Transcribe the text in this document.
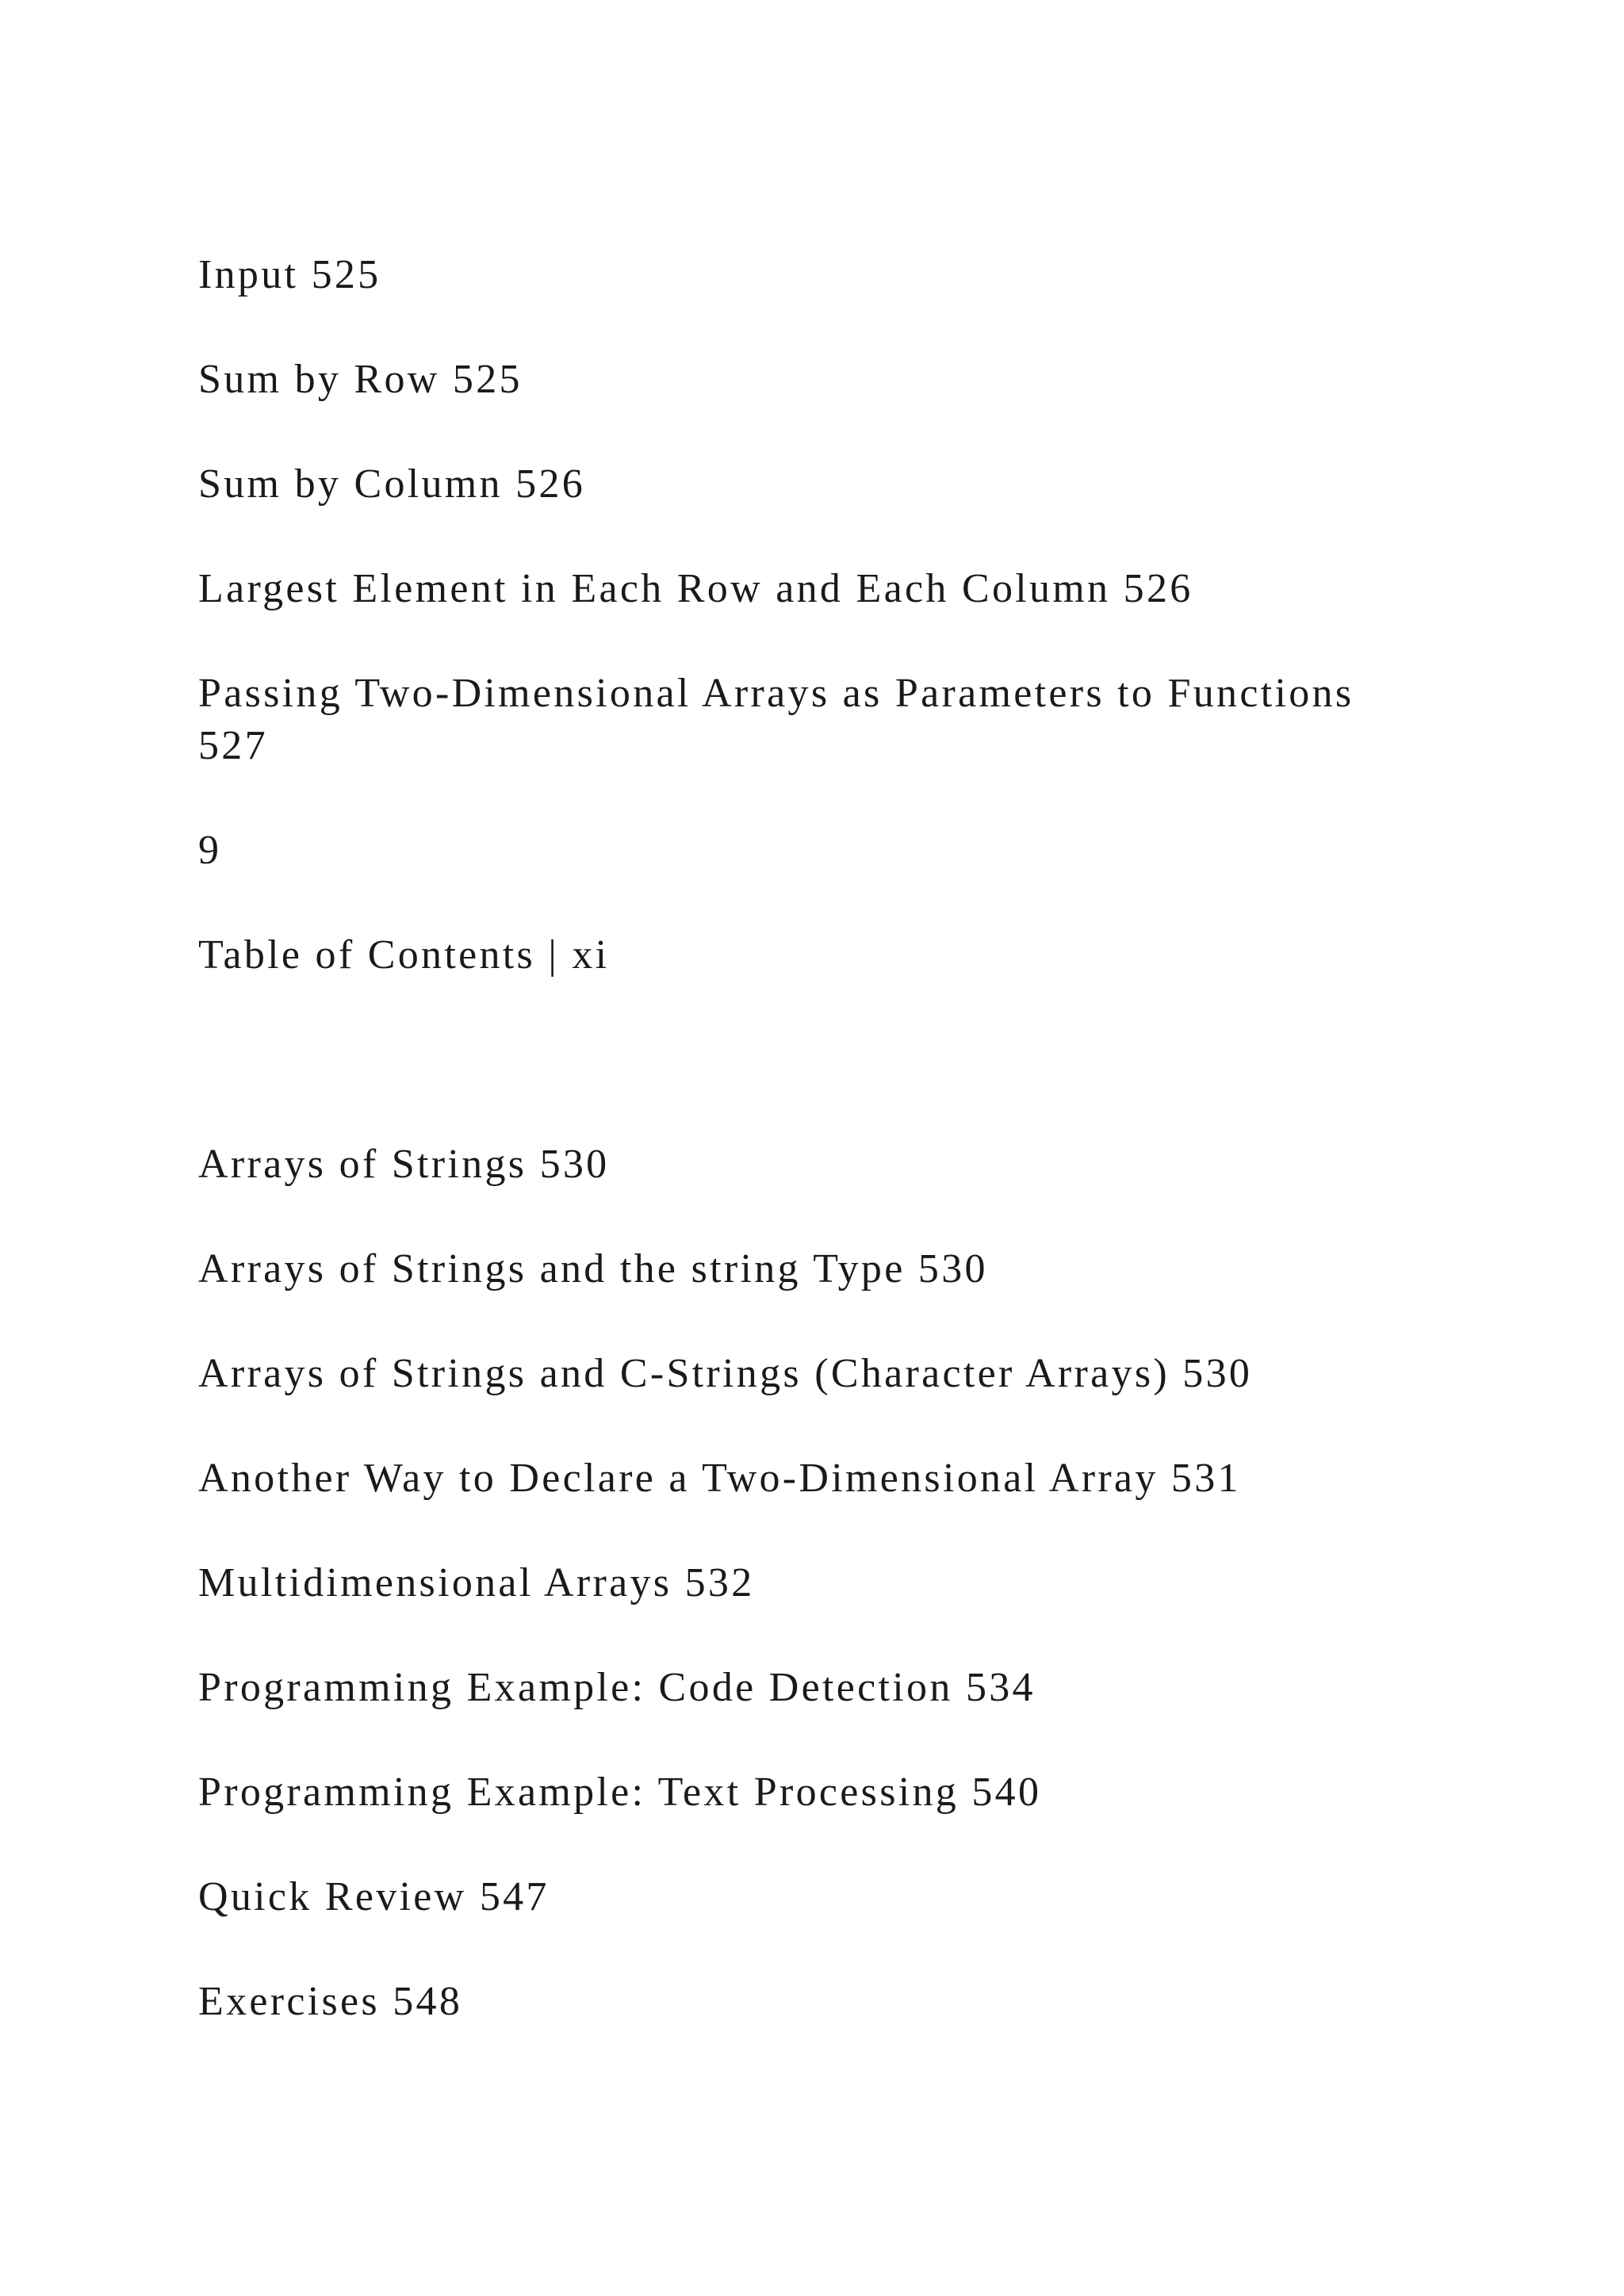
Input 525

Sum by Row 525

Sum by Column 526

Largest Element in Each Row and Each Column 526

Passing Two-Dimensional Arrays as Parameters to Functions 527

9

Table of Contents | xi

Arrays of Strings 530

Arrays of Strings and the string Type 530

Arrays of Strings and C-Strings (Character Arrays) 530

Another Way to Declare a Two-Dimensional Array 531

Multidimensional Arrays 532

Programming Example: Code Detection 534

Programming Example: Text Processing 540

Quick Review 547

Exercises 548
